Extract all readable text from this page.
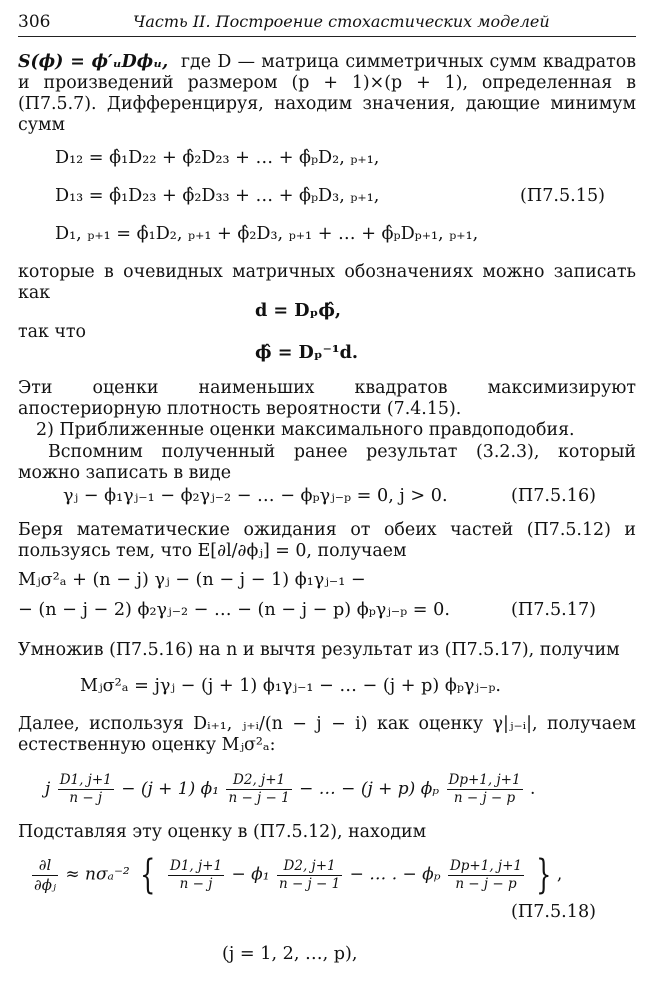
306	Часть II. Построение стохастических моделей

S(ϕ) = ϕ′ᵤDϕᵤ, где D — матрица симметричных сумм квадратов и произведений размером (p + 1)×(p + 1), определенная в (П7.5.7). Дифференцируя, находим значения, дающие минимум сумм

D₁₂ = ϕ̂₁D₂₂ + ϕ̂₂D₂₃ + … + ϕ̂ₚD₂, ₚ₊₁,
D₁₃ = ϕ̂₁D₂₃ + ϕ̂₂D₃₃ + … + ϕ̂ₚD₃, ₚ₊₁,	(П7.5.15)
D₁, ₚ₊₁ = ϕ̂₁D₂, ₚ₊₁ + ϕ̂₂D₃, ₚ₊₁ + … + ϕ̂ₚDₚ₊₁, ₚ₊₁,

которые в очевидных матричных обозначениях можно записать как

d = Dₚϕ̂,

так что

ϕ̂ = Dₚ⁻¹d.

Эти оценки наименьших квадратов максимизируют апостериорную плотность вероятности (7.4.15).

2) Приближенные оценки максимального правдоподобия.

Вспомним полученный ранее результат (3.2.3), который можно записать в виде

γⱼ − ϕ₁γⱼ₋₁ − ϕ₂γⱼ₋₂ − … − ϕₚγⱼ₋ₚ = 0, j > 0.	(П7.5.16)

Беря математические ожидания от обеих частей (П7.5.12) и пользуясь тем, что E[∂l/∂ϕⱼ] = 0, получаем

Mⱼσ²ₐ + (n − j) γⱼ − (n − j − 1) ϕ₁γⱼ₋₁ −
− (n − j − 2) ϕ₂γⱼ₋₂ − … − (n − j − p) ϕₚγⱼ₋ₚ = 0.	(П7.5.17)

Умножив (П7.5.16) на n и вычтя результат из (П7.5.17), получим

Mⱼσ²ₐ = jγⱼ − (j + 1) ϕ₁γⱼ₋₁ − … − (j + p) ϕₚγⱼ₋ₚ.

Далее, используя Dᵢ₊₁, ⱼ₊ᵢ/(n − j − i) как оценку γ|ⱼ₋ᵢ|, получаем естественную оценку Mⱼσ²ₐ:

j $\frac{D1, j+1}{n - j} - (j + 1)$ $\phi_1 \frac{D2, j+1}{n - j - 1}$ − … − (j + p) ϕₚ $\frac{Dp+1, j+1}{n - j - p}$ .

Подставляя эту оценку в (П7.5.12), находим

$\frac{\partial l}{\text{∂ϕⱼ}} \approx n\sigma_a^{-2}$ { $\frac{D1, j+1}{n - j} - \phi_1 \frac{D2, j+1}{n - j - 1}$ − … . − ϕₚ $\frac{Dp+1, j+1}{n - j - p}$ } ,
(П7.5.18)
(j = 1, 2, …, p),
